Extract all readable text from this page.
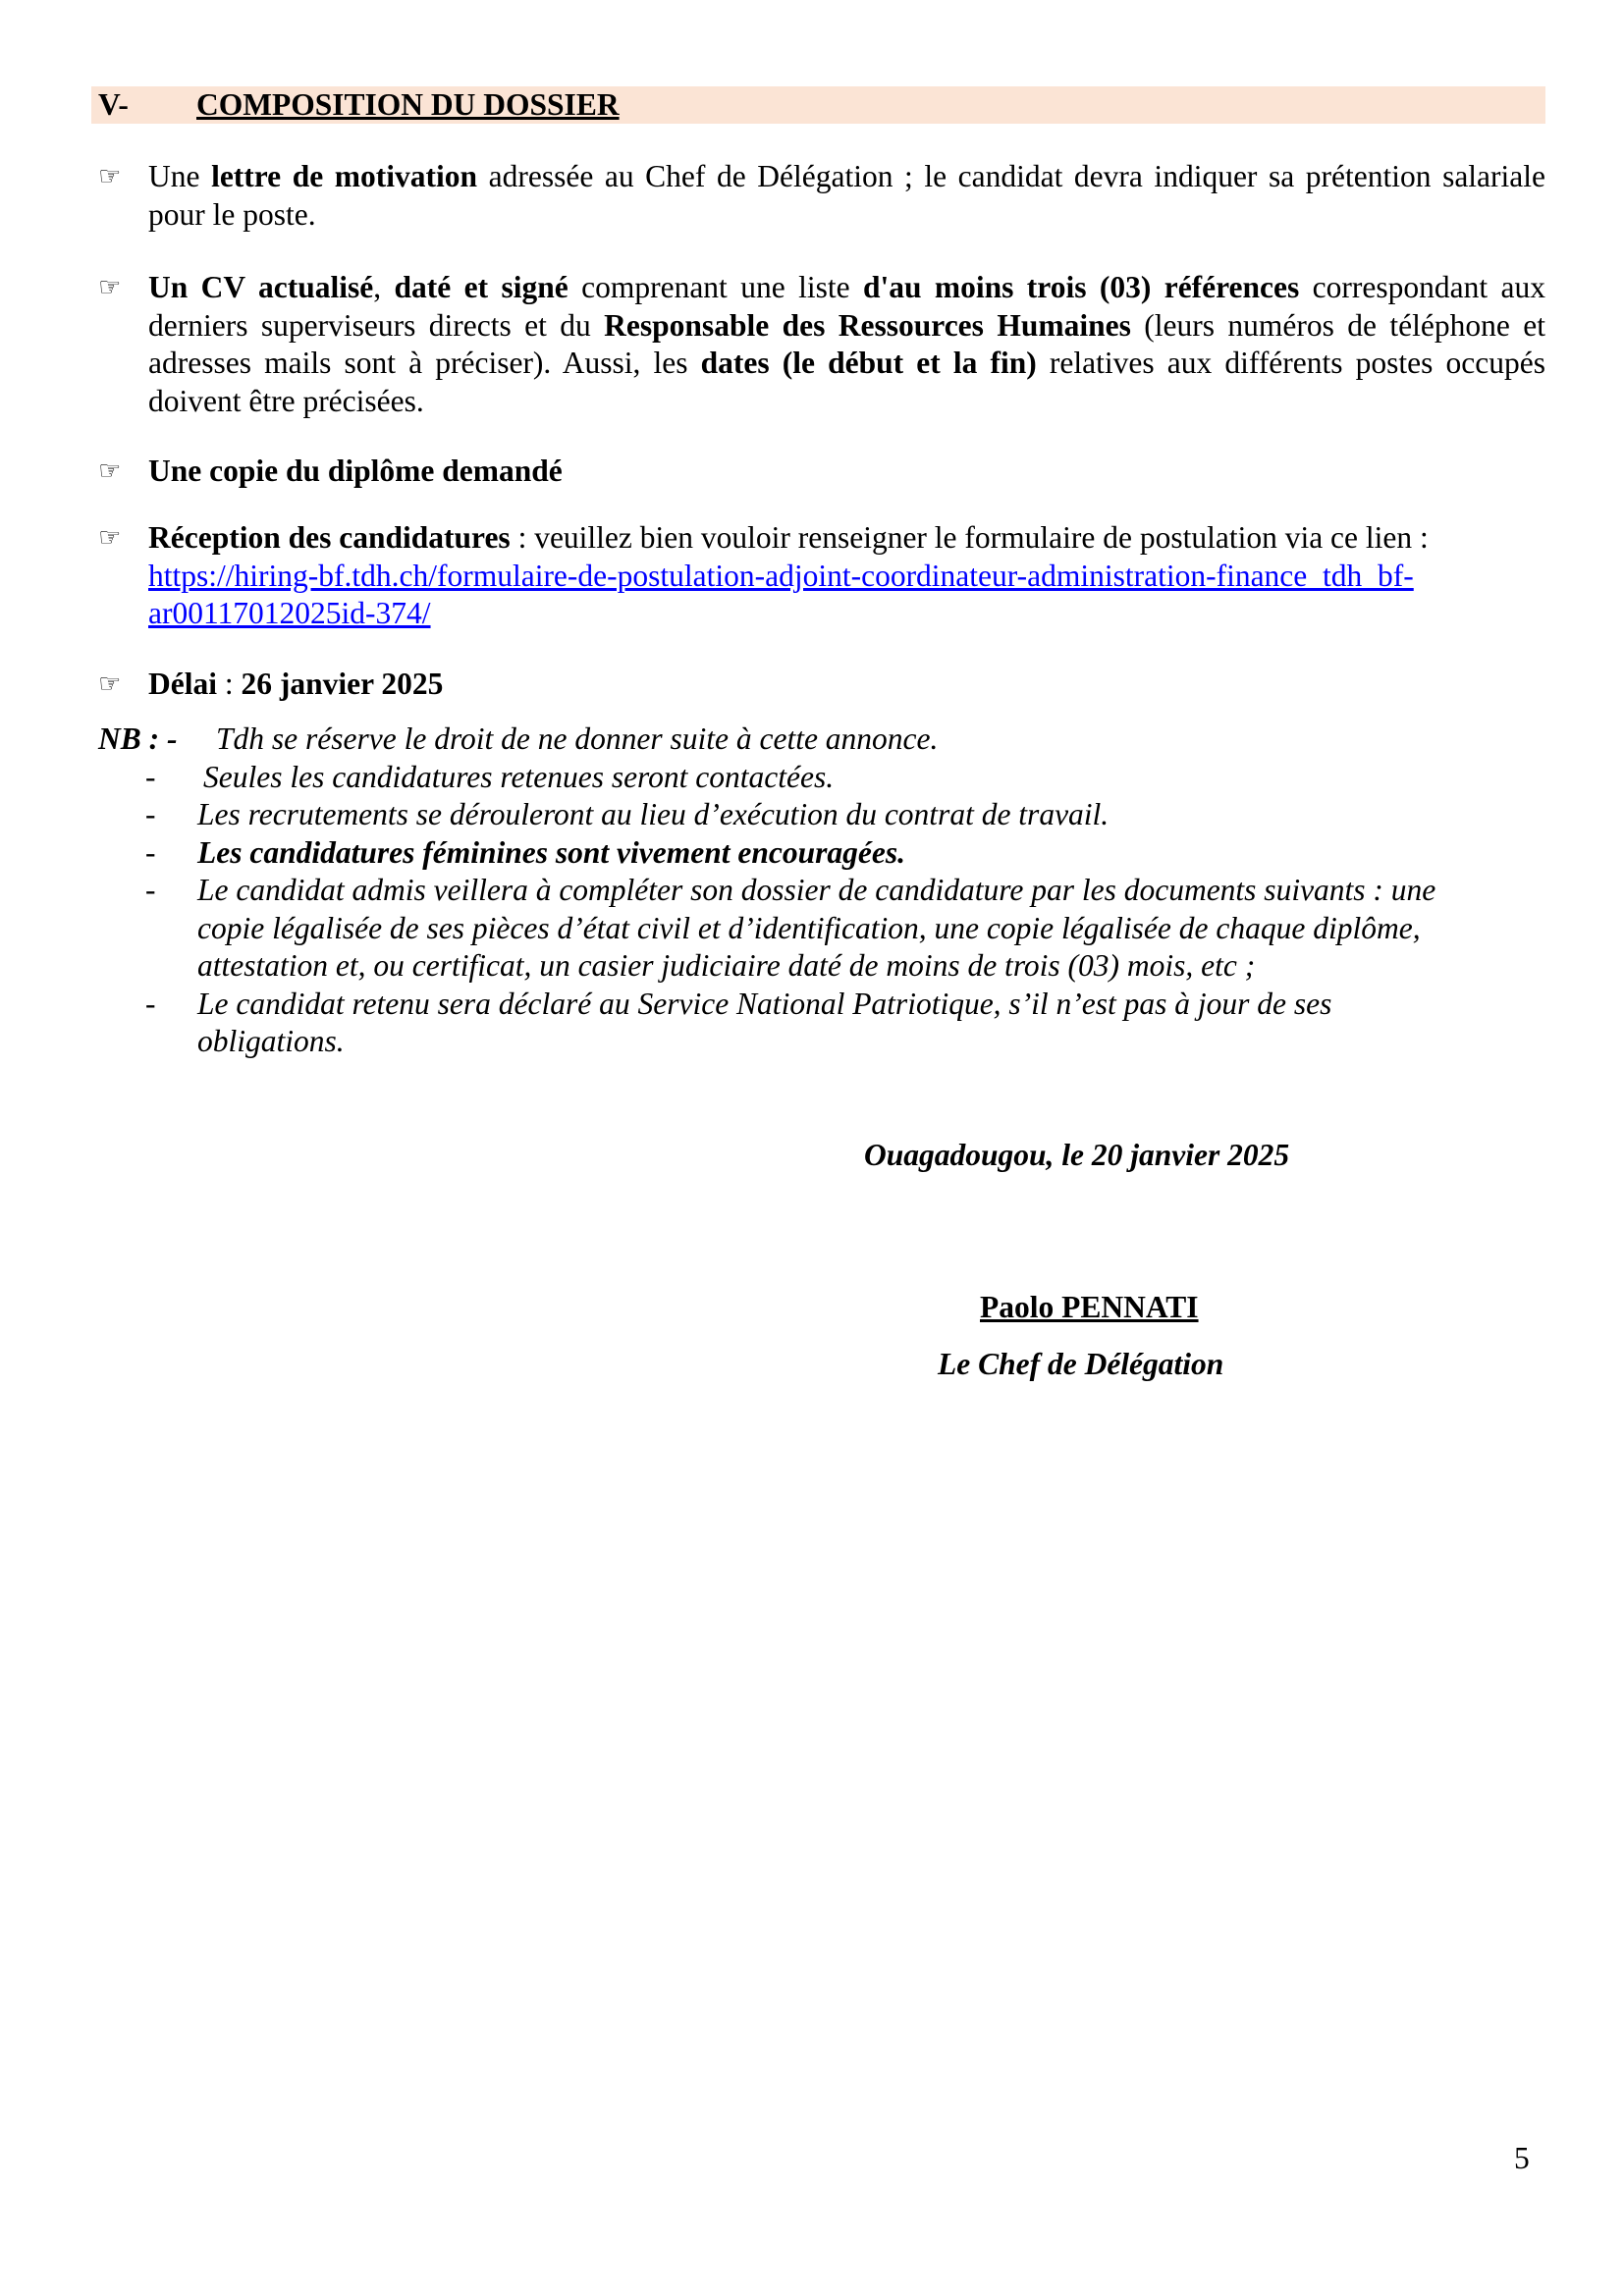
V- COMPOSITION DU DOSSIER
☞ Une lettre de motivation adressée au Chef de Délégation ; le candidat devra indiquer sa prétention salariale pour le poste.
☞ Un CV actualisé, daté et signé comprenant une liste d'au moins trois (03) références correspondant aux derniers superviseurs directs et du Responsable des Ressources Humaines (leurs numéros de téléphone et adresses mails sont à préciser). Aussi, les dates (le début et la fin) relatives aux différents postes occupés doivent être précisées.
☞ Une copie du diplôme demandé
☞ Réception des candidatures : veuillez bien vouloir renseigner le formulaire de postulation via ce lien :
https://hiring-bf.tdh.ch/formulaire-de-postulation-adjoint-coordinateur-administration-finance_tdh_bf-
ar00117012025id-374/
☞ Délai : 26 janvier 2025
NB : - Tdh se réserve le droit de ne donner suite à cette annonce.
- Seules les candidatures retenues seront contactées.
- Les recrutements se dérouleront au lieu d’exécution du contrat de travail.
- Les candidatures féminines sont vivement encouragées.
- Le candidat admis veillera à compléter son dossier de candidature par les documents suivants : une
copie légalisée de ses pièces d’état civil et d’identification, une copie légalisée de chaque diplôme,
attestation et, ou certificat, un casier judiciaire daté de moins de trois (03) mois, etc ;
- Le candidat retenu sera déclaré au Service National Patriotique, s’il n’est pas à jour de ses
obligations.
Ouagadougou, le 20 janvier 2025
Paolo PENNATI
Le Chef de Délégation
5
